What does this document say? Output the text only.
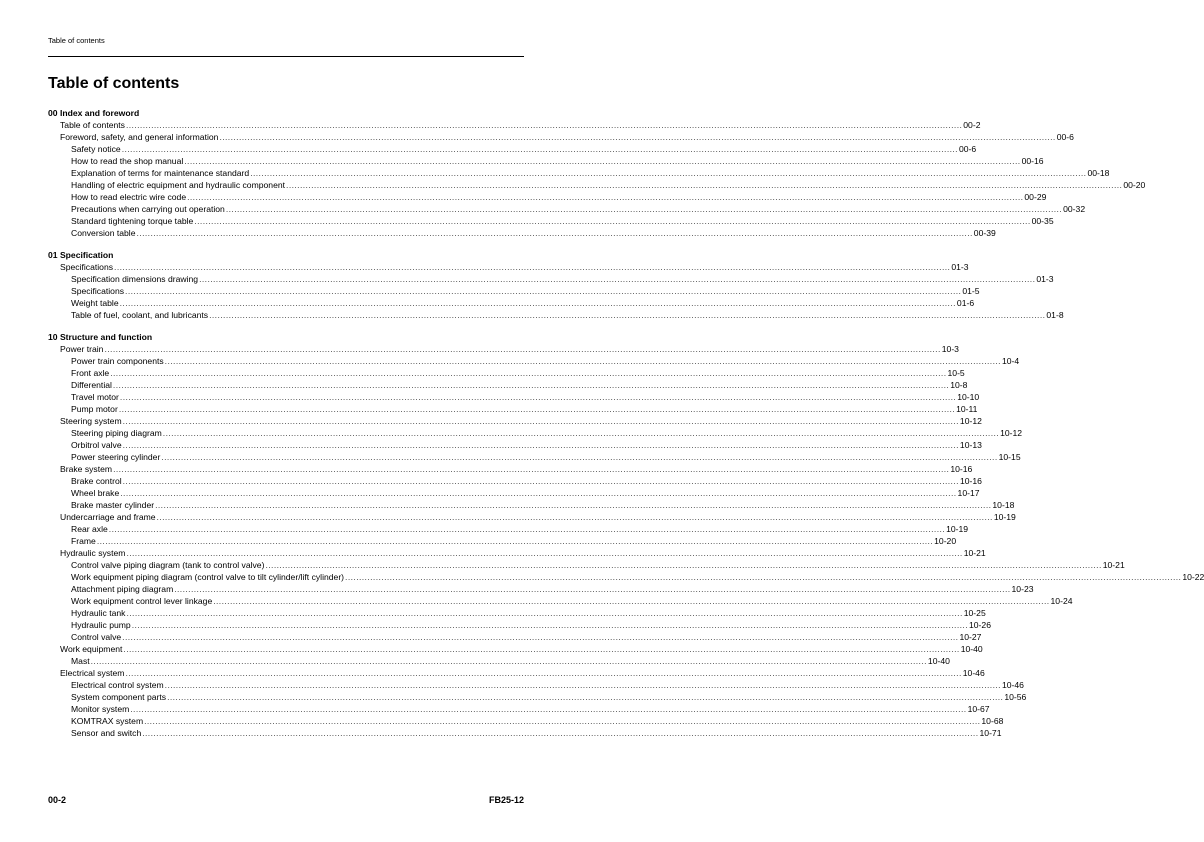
Table of contents
Table of contents
00 Index and foreword
Table of contents ............................................................................................................................................................................................................................................................................................................ 00-2
Foreword, safety, and general information ............................................................................................................................................................................................................................................................................................................ 00-6
Safety notice ............................................................................................................................................................................................................................................................................................................ 00-6
How to read the shop manual ............................................................................................................................................................................................................................................................................................................ 00-16
Explanation of terms for maintenance standard ............................................................................................................................................................................................................................................................................................................ 00-18
Handling of electric equipment and hydraulic component ............................................................................................................................................................................................................................................................................................................ 00-20
How to read electric wire code ............................................................................................................................................................................................................................................................................................................ 00-29
Precautions when carrying out operation ............................................................................................................................................................................................................................................................................................................ 00-32
Standard tightening torque table ............................................................................................................................................................................................................................................................................................................ 00-35
Conversion table ............................................................................................................................................................................................................................................................................................................ 00-39
01 Specification
Specifications ............................................................................................................................................................................................................................................................................................................ 01-3
Specification dimensions drawing ............................................................................................................................................................................................................................................................................................................ 01-3
Specifications ............................................................................................................................................................................................................................................................................................................ 01-5
Weight table ............................................................................................................................................................................................................................................................................................................ 01-6
Table of fuel, coolant, and lubricants ............................................................................................................................................................................................................................................................................................................ 01-8
10 Structure and function
Power train ............................................................................................................................................................................................................................................................................................................ 10-3
Power train components ............................................................................................................................................................................................................................................................................................................ 10-4
Front axle ............................................................................................................................................................................................................................................................................................................ 10-5
Differential ............................................................................................................................................................................................................................................................................................................ 10-8
Travel motor ............................................................................................................................................................................................................................................................................................................ 10-10
Pump motor ............................................................................................................................................................................................................................................................................................................ 10-11
Steering system ............................................................................................................................................................................................................................................................................................................ 10-12
Steering piping diagram ............................................................................................................................................................................................................................................................................................................ 10-12
Orbitrol valve ............................................................................................................................................................................................................................................................................................................ 10-13
Power steering cylinder ............................................................................................................................................................................................................................................................................................................ 10-15
Brake system ............................................................................................................................................................................................................................................................................................................ 10-16
Brake control ............................................................................................................................................................................................................................................................................................................ 10-16
Wheel brake ............................................................................................................................................................................................................................................................................................................ 10-17
Brake master cylinder ............................................................................................................................................................................................................................................................................................................ 10-18
Undercarriage and frame ............................................................................................................................................................................................................................................................................................................ 10-19
Rear axle ............................................................................................................................................................................................................................................................................................................ 10-19
Frame ............................................................................................................................................................................................................................................................................................................ 10-20
Hydraulic system ............................................................................................................................................................................................................................................................................................................ 10-21
Control valve piping diagram (tank to control valve) ............................................................................................................................................................................................................................................................................................................ 10-21
Work equipment piping diagram (control valve to tilt cylinder/lift cylinder) ............................................................................................................................................................................................................................................................................................................ 10-22
Attachment piping diagram ............................................................................................................................................................................................................................................................................................................ 10-23
Work equipment control lever linkage ............................................................................................................................................................................................................................................................................................................ 10-24
Hydraulic tank ............................................................................................................................................................................................................................................................................................................ 10-25
Hydraulic pump ............................................................................................................................................................................................................................................................................................................ 10-26
Control valve ............................................................................................................................................................................................................................................................................................................ 10-27
Work equipment ............................................................................................................................................................................................................................................................................................................ 10-40
Mast ............................................................................................................................................................................................................................................................................................................ 10-40
Electrical system ............................................................................................................................................................................................................................................................................................................ 10-46
Electrical control system ............................................................................................................................................................................................................................................................................................................ 10-46
System component parts ............................................................................................................................................................................................................................................................................................................ 10-56
Monitor system ............................................................................................................................................................................................................................................................................................................ 10-67
KOMTRAX system ............................................................................................................................................................................................................................................................................................................ 10-68
Sensor and switch ............................................................................................................................................................................................................................................................................................................ 10-71
00-2	FB25-12
